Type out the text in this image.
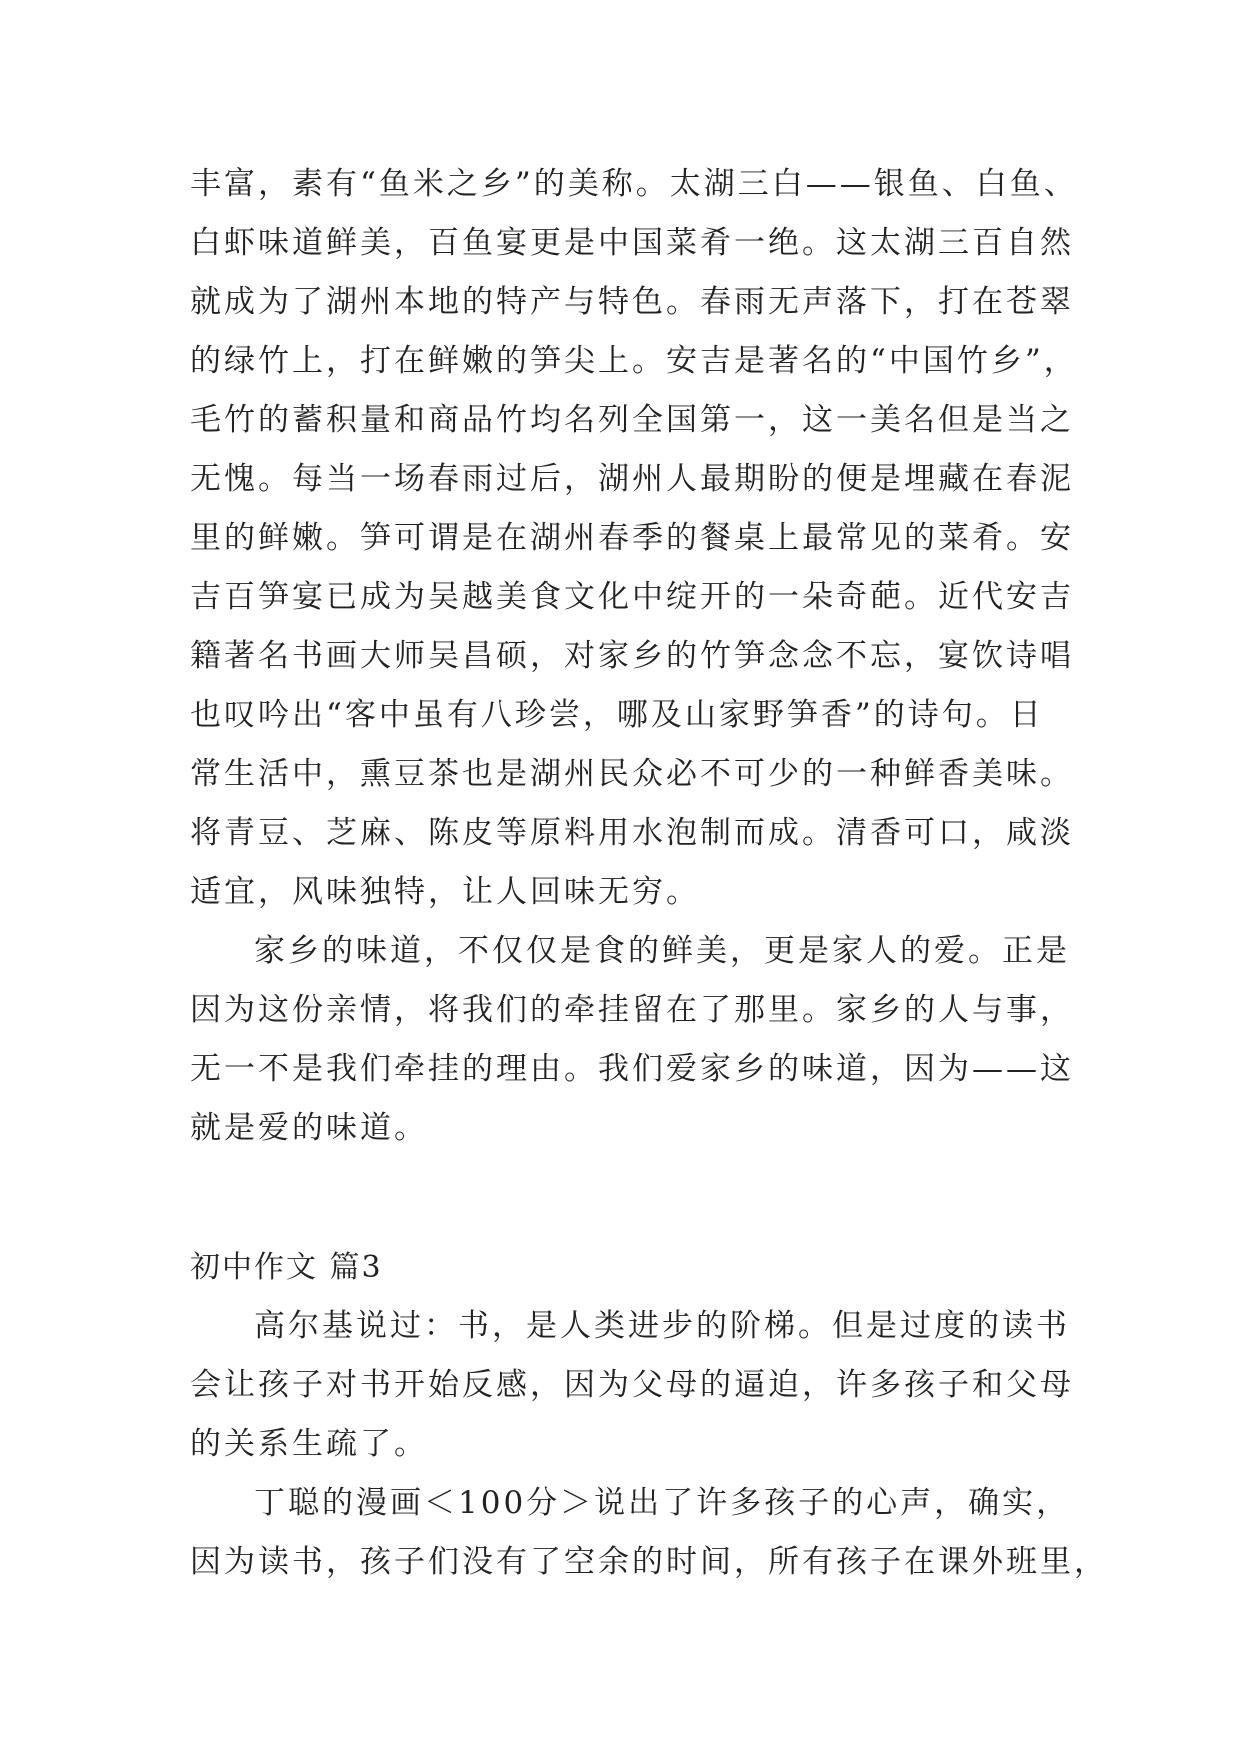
丰富，素有“鱼米之乡”的美称。太湖三白——银鱼、白鱼、
白虾味道鲜美，百鱼宴更是中国菜肴一绝。这太湖三百自然
就成为了湖州本地的特产与特色。春雨无声落下，打在苍翠
的绿竹上，打在鲜嫩的笋尖上。安吉是著名的“中国竹乡”，
毛竹的蓄积量和商品竹均名列全国第一，这一美名但是当之
无愧。每当一场春雨过后，湖州人最期盼的便是埋藏在春泥
里的鲜嫩。笋可谓是在湖州春季的餐桌上最常见的菜肴。安
吉百笋宴已成为吴越美食文化中绽开的一朵奇葩。近代安吉
籍著名书画大师吴昌硕，对家乡的竹笋念念不忘，宴饮诗唱
也叹吟出“客中虽有八珍尝，哪及山家野笋香”的诗句。日
常生活中，熏豆茶也是湖州民众必不可少的一种鲜香美味。
将青豆、芝麻、陈皮等原料用水泡制而成。清香可口，咸淡
适宜，风味独特，让人回味无穷。
家乡的味道，不仅仅是食的鲜美，更是家人的爱。正是
因为这份亲情，将我们的牵挂留在了那里。家乡的人与事，
无一不是我们牵挂的理由。我们爱家乡的味道，因为——这
就是爱的味道。
初中作文 篇3
高尔基说过：书，是人类进步的阶梯。但是过度的读书
会让孩子对书开始反感，因为父母的逼迫，许多孩子和父母
的关系生疏了。
丁聪的漫画＜100分＞说出了许多孩子的心声，确实，
因为读书，孩子们没有了空余的时间，所有孩子在课外班里，
